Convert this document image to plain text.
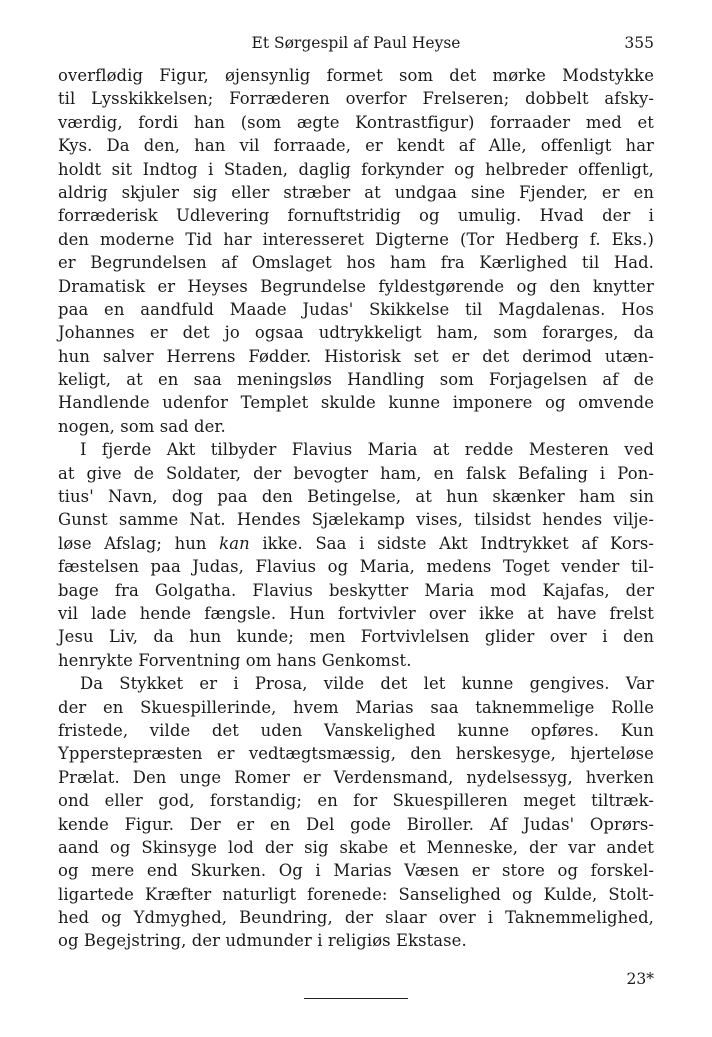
Et Sørgespil af Paul Heyse	355
overflødig Figur, øjensynlig formet som det mørke Modstykke
til Lysskikkelsen; Forræderen overfor Frelseren; dobbelt afsky-
værdig, fordi han (som ægte Kontrastfigur) forraader med et
Kys. Da den, han vil forraade, er kendt af Alle, offenligt har
holdt sit Indtog i Staden, daglig forkynder og helbreder offenligt,
aldrig skjuler sig eller stræber at undgaa sine Fjender, er en
forræderisk Udlevering fornuftstridig og umulig. Hvad der i
den moderne Tid har interesseret Digterne (Tor Hedberg f. Eks.)
er Begrundelsen af Omslaget hos ham fra Kærlighed til Had.
Dramatisk er Heyses Begrundelse fyldestgørende og den knytter
paa en aandfuld Maade Judas' Skikkelse til Magdalenas. Hos
Johannes er det jo ogsaa udtrykkeligt ham, som forarges, da
hun salver Herrens Fødder. Historisk set er det derimod utæn-
keligt, at en saa meningsløs Handling som Forjagelsen af de
Handlende udenfor Templet skulde kunne imponere og omvende
nogen, som sad der.
I fjerde Akt tilbyder Flavius Maria at redde Mesteren ved
at give de Soldater, der bevogter ham, en falsk Befaling i Pon-
tius' Navn, dog paa den Betingelse, at hun skænker ham sin
Gunst samme Nat. Hendes Sjælekamp vises, tilsidst hendes vilje-
løse Afslag; hun kan ikke. Saa i sidste Akt Indtrykket af Kors-
fæstelsen paa Judas, Flavius og Maria, medens Toget vender til-
bage fra Golgatha. Flavius beskytter Maria mod Kajafas, der
vil lade hende fængsle. Hun fortvivler over ikke at have frelst
Jesu Liv, da hun kunde; men Fortvivlelsen glider over i den
henrykte Forventning om hans Genkomst.
Da Stykket er i Prosa, vilde det let kunne gengives. Var
der en Skuespillerinde, hvem Marias saa taknemmelige Rolle
fristede, vilde det uden Vanskelighed kunne opføres. Kun
Ypperstepræsten er vedtægtsmæssig, den herskesyge, hjerteløse
Prælat. Den unge Romer er Verdensmand, nydelsessyg, hverken
ond eller god, forstandig; en for Skuespilleren meget tiltræk-
kende Figur. Der er en Del gode Biroller. Af Judas' Oprørs-
aand og Skinsyge lod der sig skabe et Menneske, der var andet
og mere end Skurken. Og i Marias Væsen er store og forskel-
ligartede Kræfter naturligt forenede: Sanselighed og Kulde, Stolt-
hed og Ydmyghed, Beundring, der slaar over i Taknemmelighed,
og Begejstring, der udmunder i religiøs Ekstase.
23*
